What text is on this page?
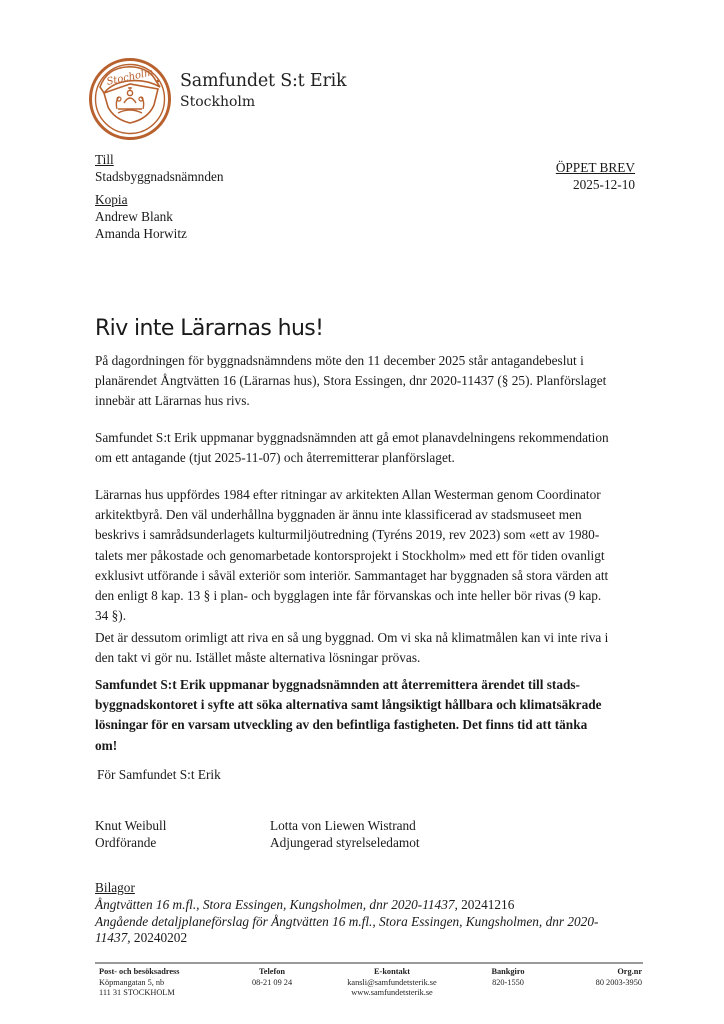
Stocholm Samfundet S:t Erik
Stockholm
Till
Stadsbyggnadsnämnden
Kopia
Andrew Blank
Amanda Horwitz
ÖPPET BREV
2025-12-10
Riv inte Lärarnas hus!
På dagordningen för byggnadsnämndens möte den 11 december 2025 står antagandebeslut i
planärendet Ångtvätten 16 (Lärarnas hus), Stora Essingen, dnr 2020-11437 (§ 25). Planförslaget
innebär att Lärarnas hus rivs.
Samfundet S:t Erik uppmanar byggnadsnämnden att gå emot planavdelningens rekommendation
om ett antagande (tjut 2025-11-07) och återremitterar planförslaget.
Lärarnas hus uppfördes 1984 efter ritningar av arkitekten Allan Westerman genom Coordinator
arkitektbyrå. Den väl underhållna byggnaden är ännu inte klassificerad av stadsmuseet men
beskrivs i samrådsunderlagets kulturmiljöutredning (Tyréns 2019, rev 2023) som «ett av 1980-
talets mer påkostade och genomarbetade kontorsprojekt i Stockholm» med ett för tiden ovanligt
exklusivt utförande i såväl exteriör som interiör. Sammantaget har byggnaden så stora värden att
den enligt 8 kap. 13 § i plan- och bygglagen inte får förvanskas och inte heller bör rivas (9 kap.
34 §).
Det är dessutom orimligt att riva en så ung byggnad. Om vi ska nå klimatmålen kan vi inte riva i
den takt vi gör nu. Istället måste alternativa lösningar prövas.
Samfundet S:t Erik uppmanar byggnadsnämnden att återremittera ärendet till stads-
byggnadskontoret i syfte att söka alternativa samt långsiktigt hållbara och klimatsäkrade
lösningar för en varsam utveckling av den befintliga fastigheten. Det finns tid att tänka
om!
För Samfundet S:t Erik
Knut Weibull
Ordförande
Lotta von Liewen Wistrand
Adjungerad styrelseledamot
Bilagor
Ångtvätten 16 m.fl., Stora Essingen, Kungsholmen, dnr 2020-11437, 20241216
Angående detaljplaneförslag för Ångtvätten 16 m.fl., Stora Essingen, Kungsholmen, dnr 2020-
11437, 20240202
Post- och besöksadress
Köpmangatan 5, nb
111 31 STOCKHOLM
Telefon
08-21 09 24
E-kontakt
kansli@samfundetsterik.se
www.samfundetsterik.se
Bankgiro
820-1550
Org.nr
80 2003-3950
